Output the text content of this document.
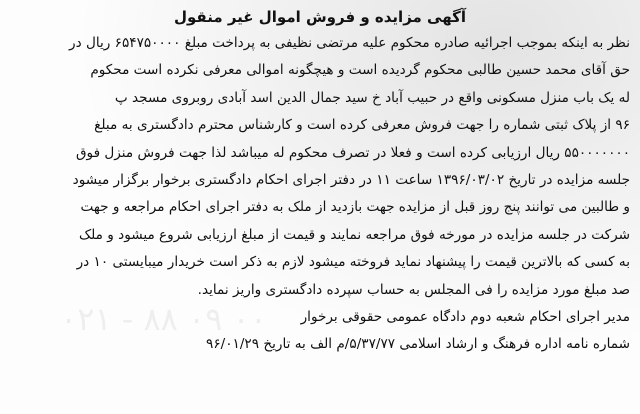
آگهی مزایده و فروش اموال غیر منقول
نظر به اینکه بموجب اجرائیه صادره محکوم علیه مرتضی نظیفی به پرداخت مبلغ ۶۵۴۷۵۰۰۰۰ ریال در
حق آقای محمد حسین طالبی محکوم گردیده است و هیچگونه اموالی معرفی نکرده است محکوم
له یک باب منزل مسکونی واقع در حبیب آباد خ سید جمال الدین اسد آبادی روبروی مسجد پ
۹۶ از پلاک ثبتی شماره را جهت فروش معرفی کرده است و کارشناس محترم دادگستری به مبلغ
۵۵۰۰۰۰۰۰۰ ریال ارزیابی کرده است و فعلا در تصرف محکوم له میباشد لذا جهت فروش منزل فوق
جلسه مزایده در تاریخ ۱۳۹۶/۰۳/۰۲ ساعت ۱۱ در دفتر اجرای احکام دادگستری برخوار برگزار میشود
و طالبین می توانند پنج روز قبل از مزایده جهت بازدید از ملک به دفتر اجرای احکام مراجعه و جهت
شرکت در جلسه مزایده در مورخه فوق مراجعه نمایند و قیمت از مبلغ ارزیابی شروع میشود و ملک
به کسی که بالاترین قیمت را پیشنهاد نماید فروخته میشود لازم به ذکر است خریدار میبایستی ۱۰ در
صد مبلغ مورد مزایده را فی المجلس به حساب سپرده دادگستری واریز نماید.
مدیر اجرای احکام شعبه دوم دادگاه عمومی حقوقی برخوار
شماره نامه اداره فرهنگ و ارشاد اسلامی ۵/۳۷/۷۷/م الف به تاریخ ۹۶/۰۱/۲۹
